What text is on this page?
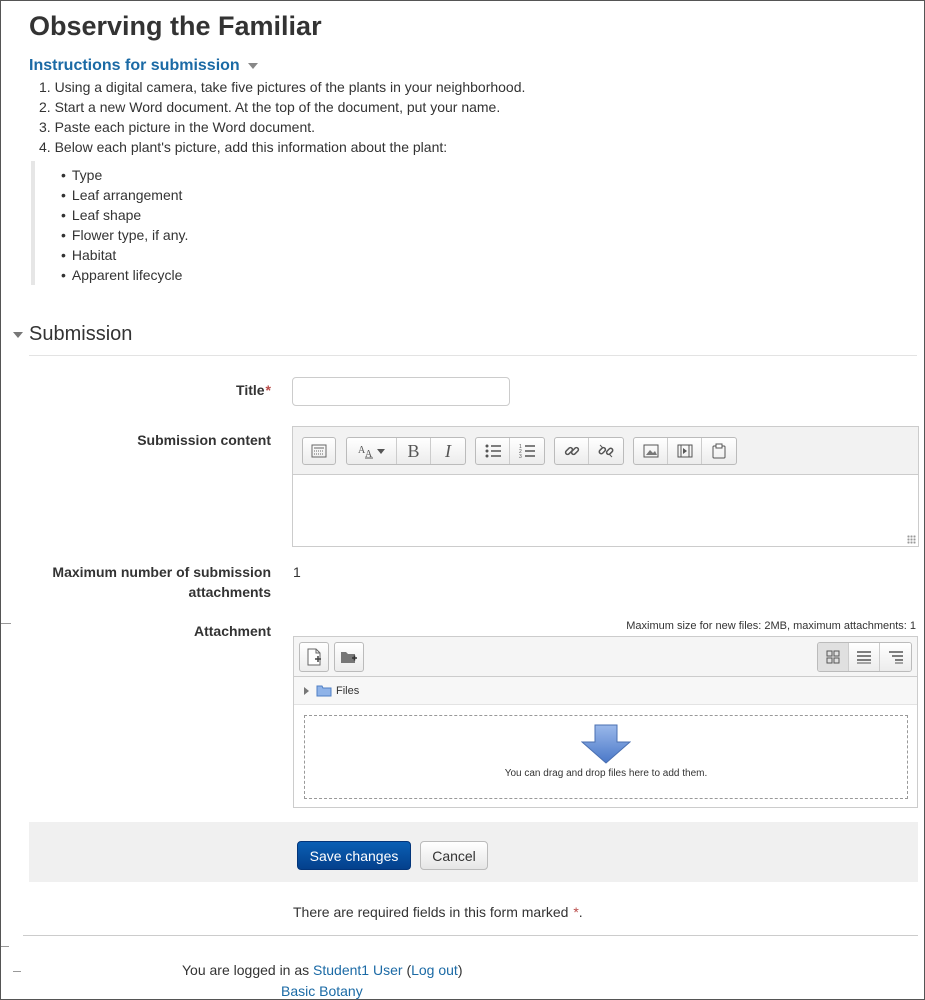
Observing the Familiar
Instructions for submission
1. Using a digital camera, take five pictures of the plants in your neighborhood.
2. Start a new Word document. At the top of the document, put your name.
3. Paste each picture in the Word document.
4. Below each plant's picture, add this information about the plant:
• Type
• Leaf arrangement
• Leaf shape
• Flower type, if any.
• Habitat
• Apparent lifecycle
Submission
Title*
Submission content
A A	B	I	1
2
3
Maximum number of submission
attachments
1
Attachment	Maximum size for new files: 2MB, maximum attachments: 1
Files
You can drag and drop files here to add them.
Save changes	Cancel
There are required fields in this form marked *.
You are logged in as Student1 User (Log out)
Basic Botany
